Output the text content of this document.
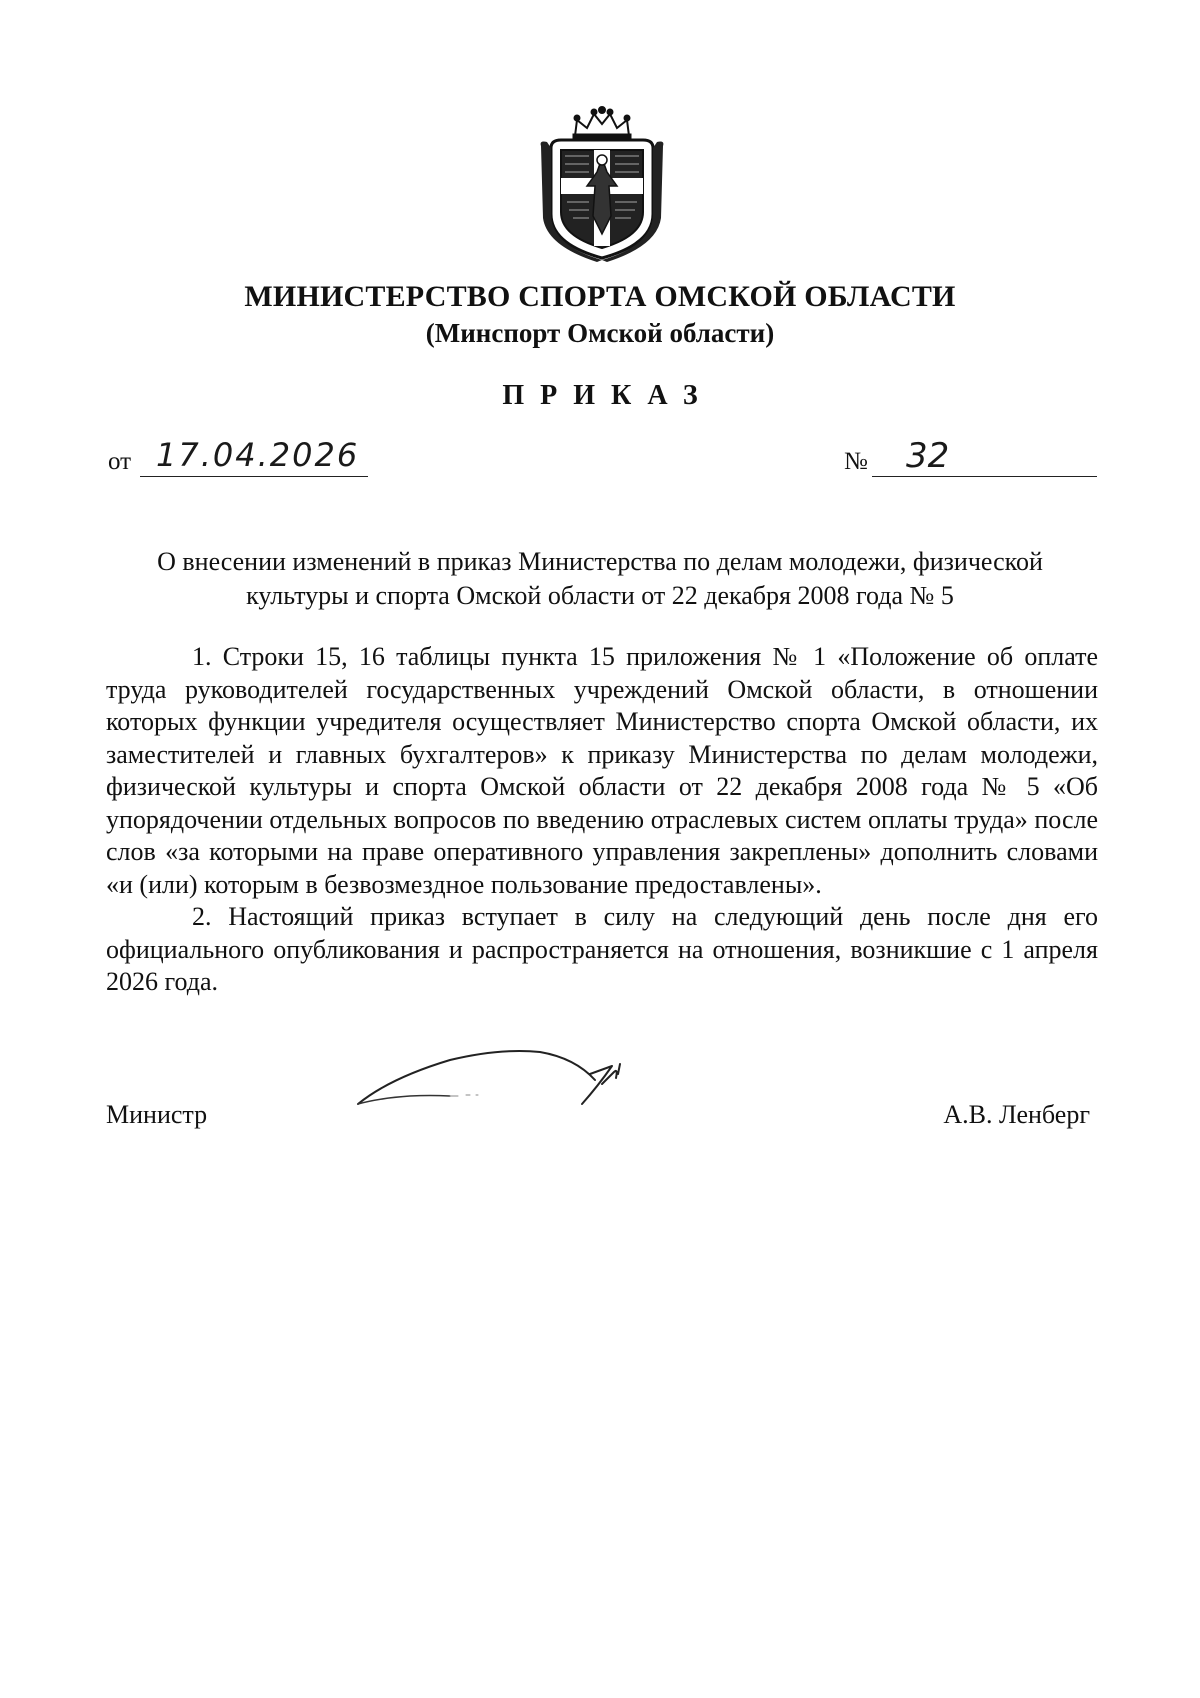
МИНИСТЕРСТВО СПОРТА ОМСКОЙ ОБЛАСТИ
(Минспорт Омской области)
ПРИКАЗ
от 17.04.2026	№ 32
О внесении изменений в приказ Министерства по делам молодежи, физической
культуры и спорта Омской области от 22 декабря 2008 года № 5

1. Строки 15, 16 таблицы пункта 15 приложения № 1 «Положение об оплате труда руководителей государственных учреждений Омской области, в отношении которых функции учредителя осуществляет Министерство спорта Омской области, их заместителей и главных бухгалтеров» к приказу Министерства по делам молодежи, физической культуры и спорта Омской области от 22 декабря 2008 года № 5 «Об упорядочении отдельных вопросов по введению отраслевых систем оплаты труда» после слов «за которыми на праве оперативного управления закреплены» дополнить словами «и (или) которым в безвозмездное пользование предоставлены».

2. Настоящий приказ вступает в силу на следующий день после дня его официального опубликования и распространяется на отношения, возникшие с 1 апреля 2026 года.

Министр	А.В. Ленберг
